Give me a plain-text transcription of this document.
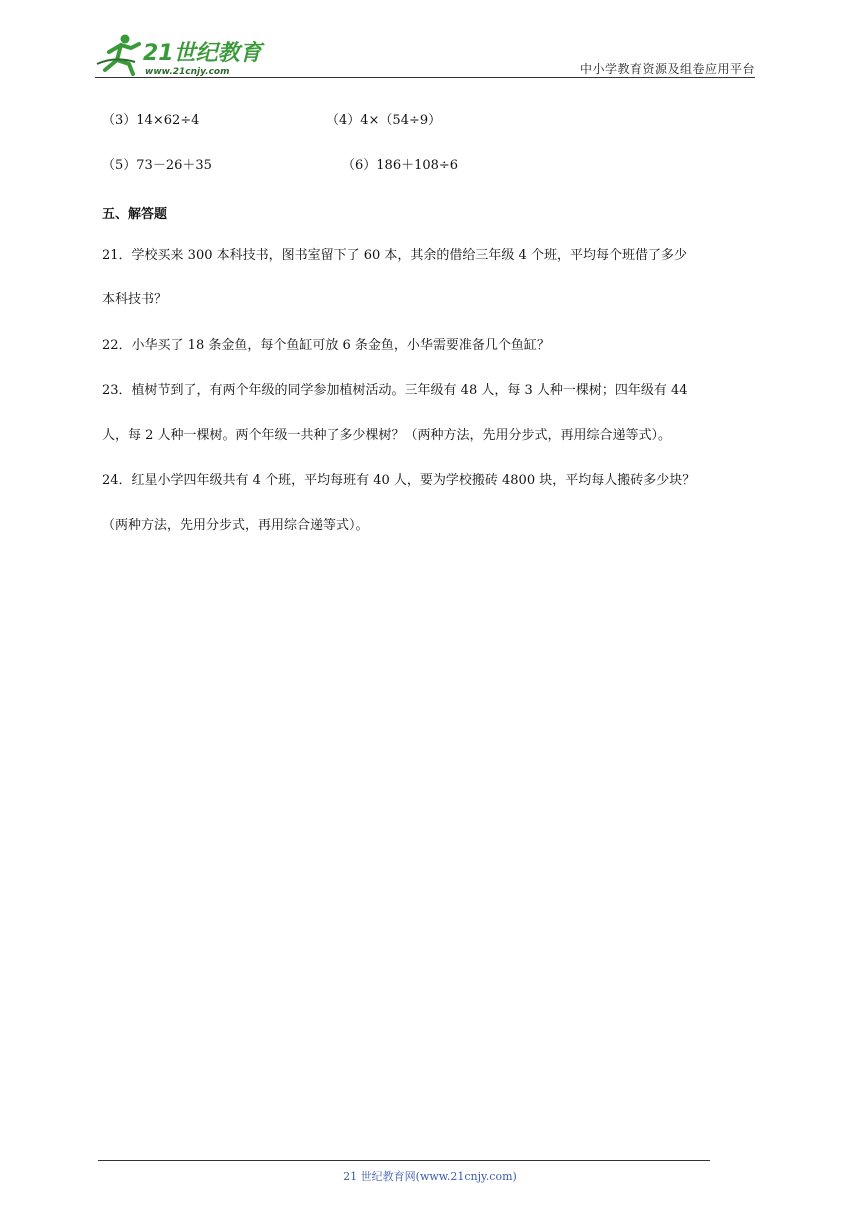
21世纪教育
www.21cnjy.com	中小学教育资源及组卷应用平台
（3）14×62÷4	（4）4×（54÷9）
（5）73－26＋35	（6）186＋108÷6
五、解答题
21．学校买来 300 本科技书，图书室留下了 60 本，其余的借给三年级 4 个班，平均每个班借了多少
本科技书？
22．小华买了 18 条金鱼，每个鱼缸可放 6 条金鱼，小华需要准备几个鱼缸？
23．植树节到了，有两个年级的同学参加植树活动。三年级有 48 人，每 3 人种一棵树；四年级有 44
人，每 2 人种一棵树。两个年级一共种了多少棵树？（两种方法，先用分步式，再用综合递等式）。
24．红星小学四年级共有 4 个班，平均每班有 40 人，要为学校搬砖 4800 块，平均每人搬砖多少块？
（两种方法，先用分步式，再用综合递等式）。
21 世纪教育网(www.21cnjy.com)
